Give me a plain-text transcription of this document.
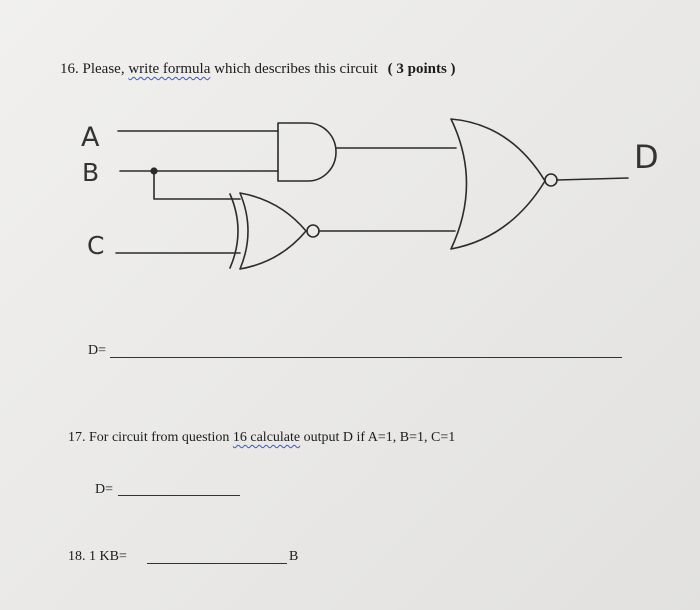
16. Please, write formula which describes this circuit ( 3 points )
A
B
C
D
D=
17. For circuit from question 16 calculate output D if A=1, B=1, C=1
D=
18. 1 KB=	B
